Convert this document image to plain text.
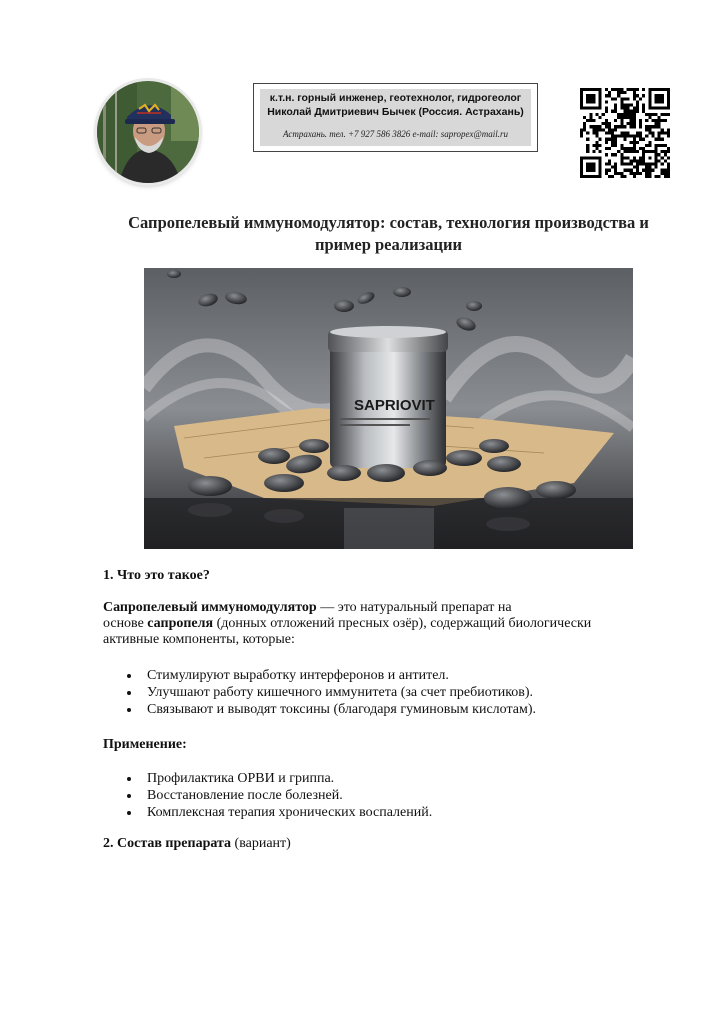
к.т.н. горный инженер, геотехнолог, гидрогеолог
Николай Дмитриевич Бычек (Россия. Астрахань)
Астрахань. тел. +7 927 586 3826 e-mail: sapropex@mail.ru
Сапропелевый иммуномодулятор: состав, технология производства и
пример реализации
SAPRIOVIT
1. Что это такое?
Сапропелевый иммуномодулятор — это натуральный препарат на
основе сапропеля (донных отложений пресных озёр), содержащий биологически
активные компоненты, которые:
Стимулируют выработку интерферонов и антител.
Улучшают работу кишечного иммунитета (за счет пребиотиков).
Связывают и выводят токсины (благодаря гуминовым кислотам).
Применение:
Профилактика ОРВИ и гриппа.
Восстановление после болезней.
Комплексная терапия хронических воспалений.
2. Состав препарата (вариант)
